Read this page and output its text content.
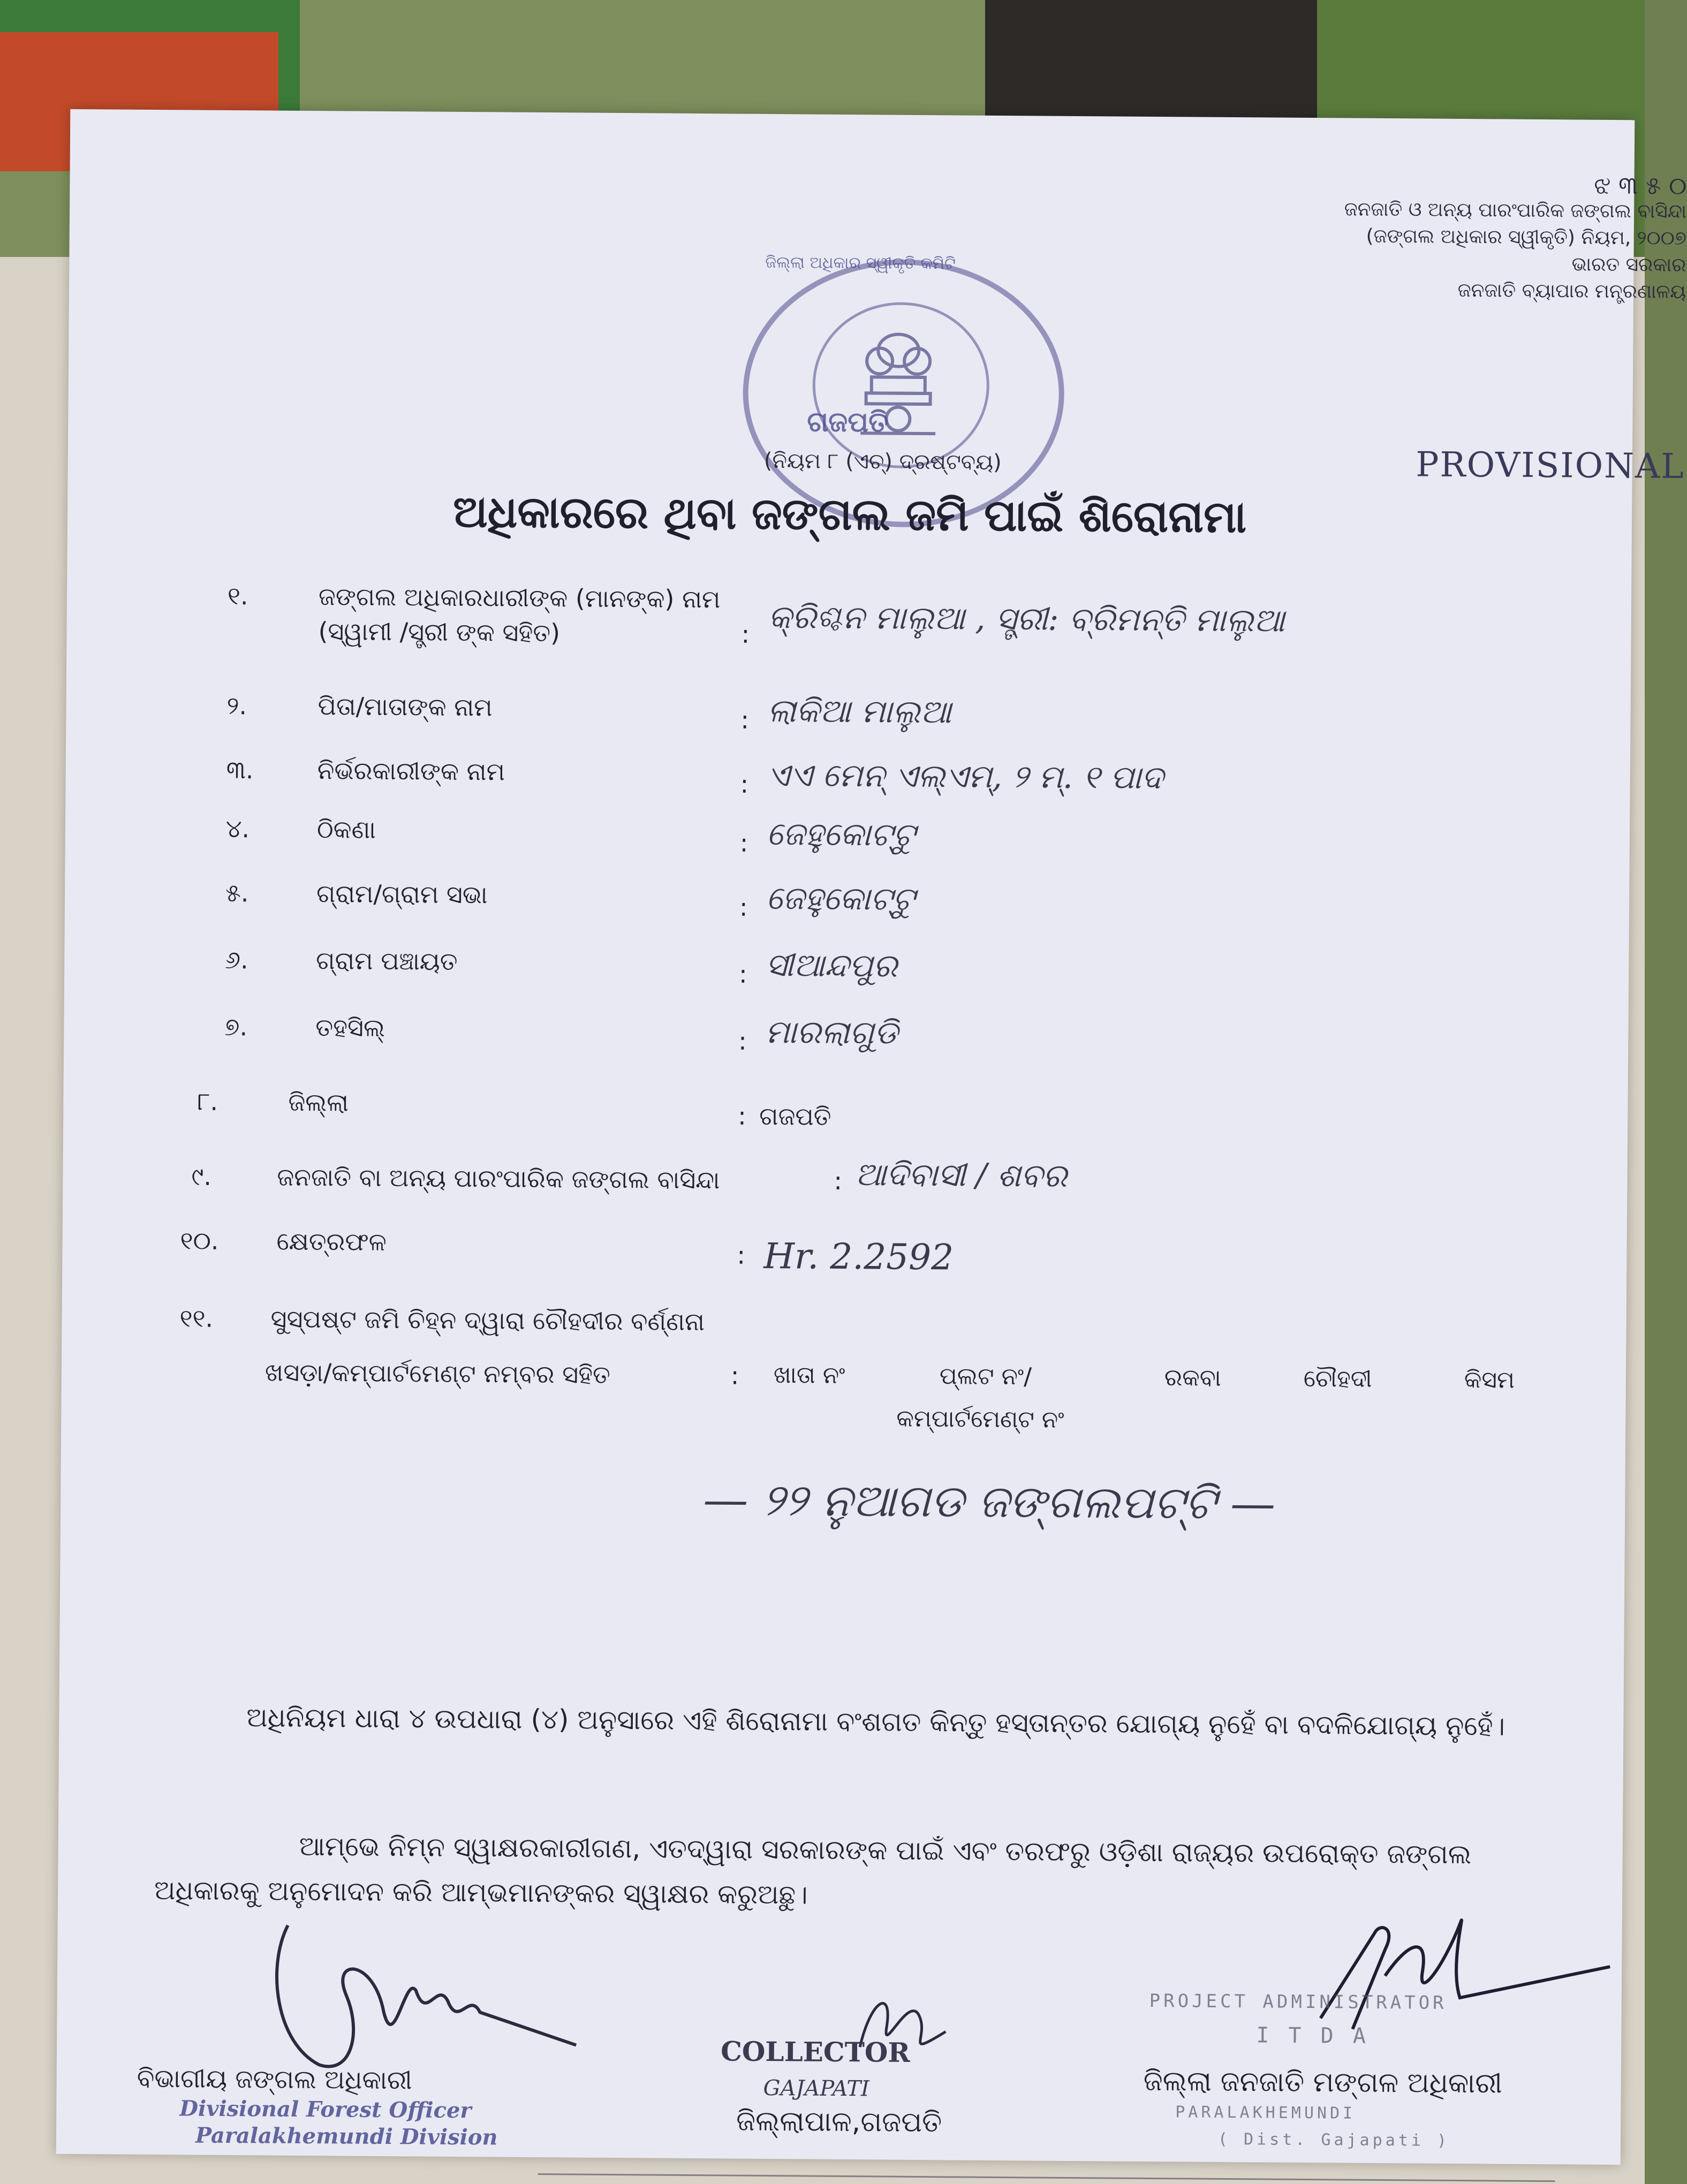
ଜିଲ୍ଲା ଅଧିକାର ସ୍ୱୀକୃତି କମିଟି
ଗଜପତି
ଝ ୩ ୫ ୦
ଜନଜାତି ଓ ଅନ୍ୟ ପାରଂପାରିକ ଜଙ୍ଗଲ ବାସିନ୍ଦା
(ଜଙ୍ଗଲ ଅଧିକାର ସ୍ୱୀକୃତି) ନିୟମ, ୨୦୦୭
ଭାରତ ସରକାର
ଜନଜାତି ବ୍ୟାପାର ମନ୍ତ୍ରଣାଳୟ
PROVISIONAL
(ନିୟମ ୮ (ଏଚ୍) ଦ୍ରଷ୍ଟବ୍ୟ)
ଅଧିକାରରେ ଥିବା ଜଙ୍ଗଲ ଜମି ପାଇଁ ଶିରୋନାମା
୧.	ଜଙ୍ଗଲ ଅଧିକାରଧାରୀଙ୍କ (ମାନଙ୍କ) ନାମ
(ସ୍ୱାମୀ /ସ୍ତ୍ରୀ ଙ୍କ ସହିତ)	: କ୍ରିଶ୍ଚନ ମାଲୁଆ , ସ୍ତ୍ରୀ: ବ୍ରିମନ୍ତି ମାଲୁଆ
୨.	ପିତା/ମାତାଙ୍କ ନାମ	: ଲାକିଆ ମାଲୁଆ
୩.	ନିର୍ଭରକାରୀଙ୍କ ନାମ	: ଏଏ ମେନ୍ ଏଲ୍ଏମ୍, ୨ ମ୍. ୧ ପାଦ
୪.	ଠିକଣା	: ଜେହୁକୋଟ୍ଟୁ
୫.	ଗ୍ରାମ/ଗ୍ରାମ ସଭା	: ଜେହୁକୋଟ୍ଟୁ
୬.	ଗ୍ରାମ ପଞ୍ଚାୟତ	: ସୀଆନ୍ଦପୁର
୭.	ତହସିଲ୍	: ମାରଲାଗୁଡି
୮.	ଜିଲ୍ଲା	: ଗଜପତି
୯.	ଜନଜାତି ବା ଅନ୍ୟ ପାରଂପାରିକ ଜଙ୍ଗଲ ବାସିନ୍ଦା	: ଆଦିବାସୀ / ଶବର
୧୦. କ୍ଷେତ୍ରଫଳ	: Hr. 2.2592
୧୧. ସୁସ୍ପଷ୍ଟ ଜମି ଚିହ୍ନ ଦ୍ୱାରା ଚୌହଦୀର ବର୍ଣ୍ଣନା
ଖସଡ଼ା/କମ୍ପାର୍ଟମେଣ୍ଟ ନମ୍ବର ସହିତ	: ଖାତା ନଂ	ପ୍ଲଟ ନଂ/	ରକବା	ଚୌହଦୀ	କିସମ
କମ୍ପାର୍ଟମେଣ୍ଟ ନଂ
— ୨୨ ନୁଆଗଡ ଜଙ୍ଗଲପଟ୍ଟି —
ଅଧିନିୟମ ଧାରା ୪ ଉପଧାରା (୪) ଅନୁସାରେ ଏହି ଶିରୋନାମା ବଂଶଗତ କିନ୍ତୁ ହସ୍ତାନ୍ତର ଯୋଗ୍ୟ ନୁହେଁ ବା ବଦଳିଯୋଗ୍ୟ ନୁହେଁ।
ଆମ୍ଭେ ନିମ୍ନ ସ୍ୱାକ୍ଷରକାରୀଗଣ, ଏତଦ୍ୱାରା ସରକାରଙ୍କ ପାଇଁ ଏବଂ ତରଫରୁ ଓଡ଼ିଶା ରାଜ୍ୟର ଉପରୋକ୍ତ ଜଙ୍ଗଲ ଅଧିକାରକୁ ଅନୁମୋଦନ କରି ଆମ୍ଭମାନଙ୍କର ସ୍ୱାକ୍ଷର କରୁଅଛୁ।
ବିଭାଗୀୟ ଜଙ୍ଗଲ ଅଧିକାରୀ
Divisional Forest Officer
Paralakhemundi Division
COLLECTOR
GAJAPATI
ଜିଲ୍ଲାପାଳ,ଗଜପତି
PROJECT ADMINISTRATOR
I T D A
ଜିଲ୍ଲା ଜନଜାତି ମଙ୍ଗଳ ଅଧିକାରୀ
PARALAKHEMUNDI
( Dist. Gajapati )
